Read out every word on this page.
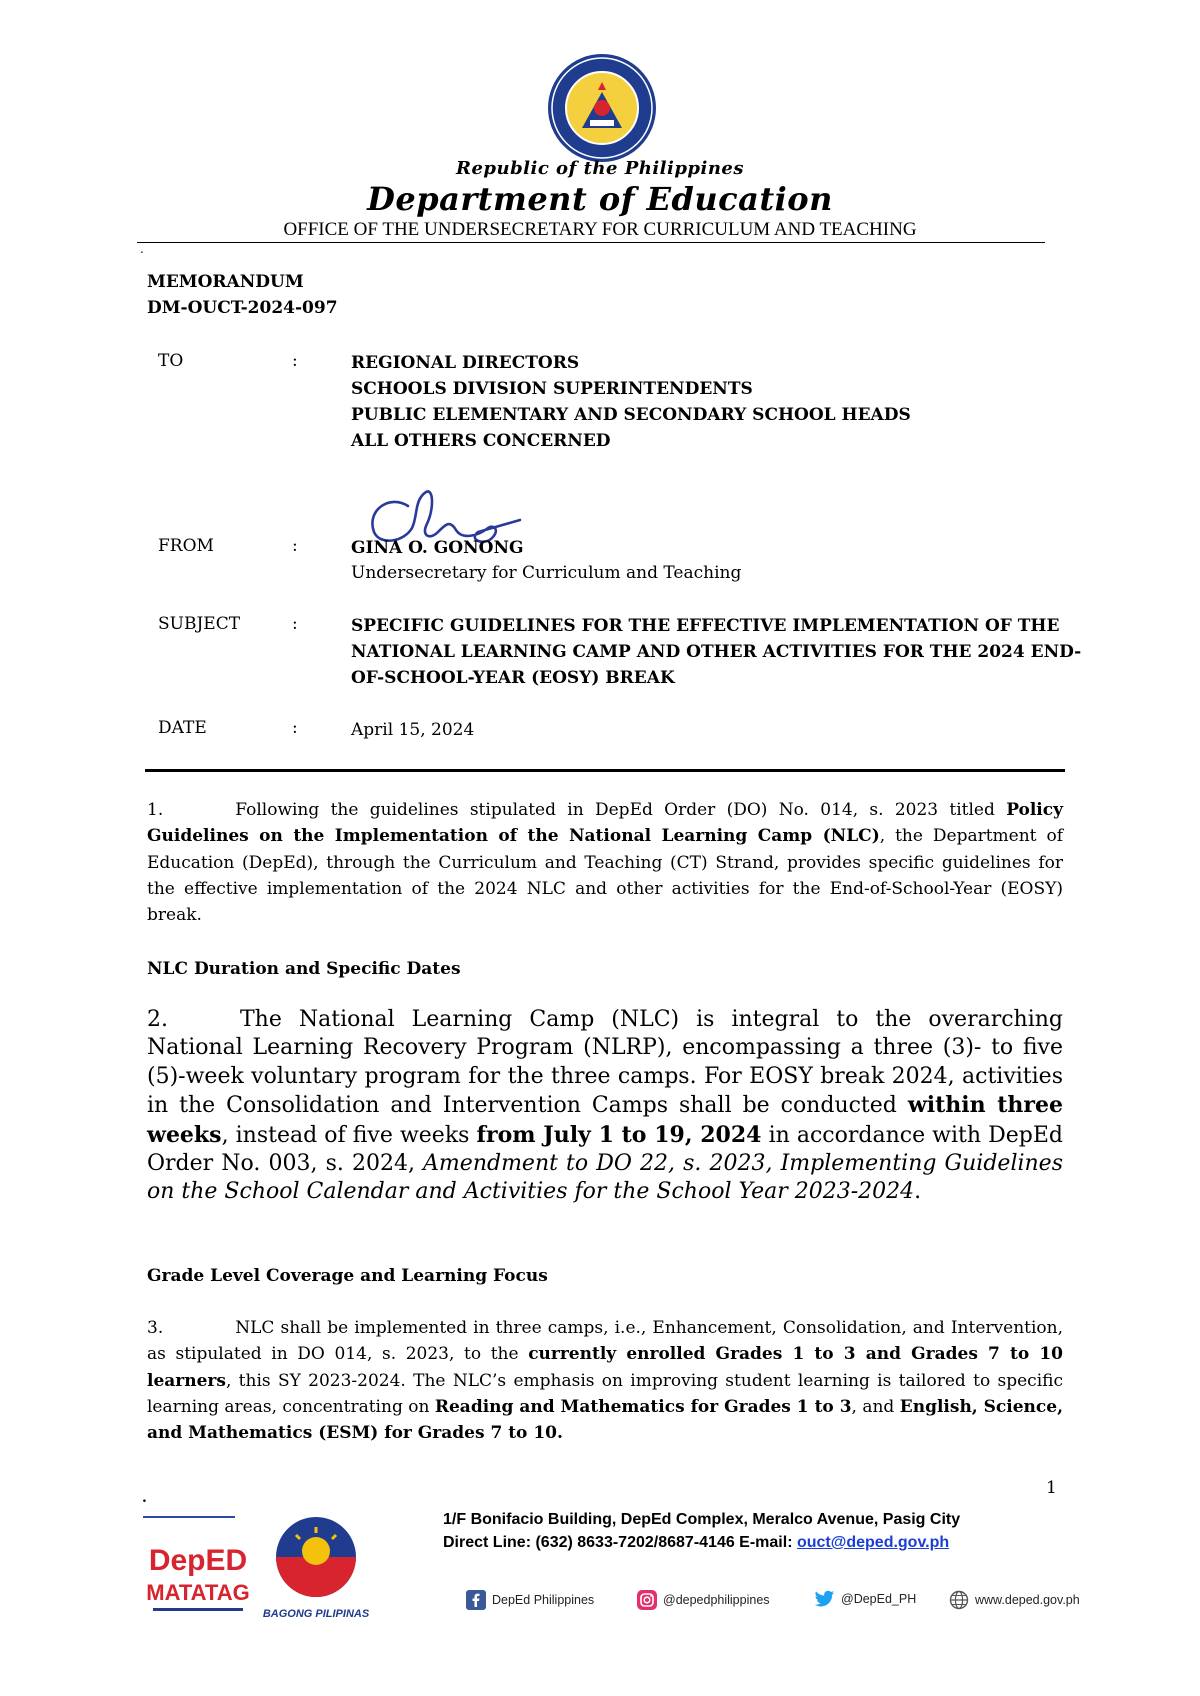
Republic of the Philippines
Department of Education
OFFICE OF THE UNDERSECRETARY FOR CURRICULUM AND TEACHING
.
MEMORANDUM
DM-OUCT-2024-097
TO	:	REGIONAL DIRECTORS
SCHOOLS DIVISION SUPERINTENDENTS
PUBLIC ELEMENTARY AND SECONDARY SCHOOL HEADS
ALL OTHERS CONCERNED
FROM	:	GINA O. GONONG
Undersecretary for Curriculum and Teaching
SUBJECT	:	SPECIFIC GUIDELINES FOR THE EFFECTIVE IMPLEMENTATION OF THE NATIONAL LEARNING CAMP AND OTHER ACTIVITIES FOR THE 2024 END-OF-SCHOOL-YEAR (EOSY) BREAK
DATE	:	April 15, 2024
1.	Following the guidelines stipulated in DepEd Order (DO) No. 014, s. 2023 titled Policy Guidelines on the Implementation of the National Learning Camp (NLC), the Department of Education (DepEd), through the Curriculum and Teaching (CT) Strand, provides specific guidelines for the effective implementation of the 2024 NLC and other activities for the End-of-School-Year (EOSY) break.
NLC Duration and Specific Dates
2.	The National Learning Camp (NLC) is integral to the overarching National Learning Recovery Program (NLRP), encompassing a three (3)- to five (5)-week voluntary program for the three camps. For EOSY break 2024, activities in the Consolidation and Intervention Camps shall be conducted within three weeks, instead of five weeks from July 1 to 19, 2024 in accordance with DepEd Order No. 003, s. 2024, Amendment to DO 22, s. 2023, Implementing Guidelines on the School Calendar and Activities for the School Year 2023-2024.
Grade Level Coverage and Learning Focus
3.	NLC shall be implemented in three camps, i.e., Enhancement, Consolidation, and Intervention, as stipulated in DO 014, s. 2023, to the currently enrolled Grades 1 to 3 and Grades 7 to 10 learners, this SY 2023-2024. The NLC’s emphasis on improving student learning is tailored to specific learning areas, concentrating on Reading and Mathematics for Grades 1 to 3, and English, Science, and Mathematics (ESM) for Grades 7 to 10.
1
.
DepED
MATATAG
BAGONG PILIPINAS
1/F Bonifacio Building, DepEd Complex, Meralco Avenue, Pasig City
Direct Line: (632) 8633-7202/8687-4146 E-mail: ouct@deped.gov.ph
DepEd Philippines	@depedphilippines	@DepEd_PH	www.deped.gov.ph
